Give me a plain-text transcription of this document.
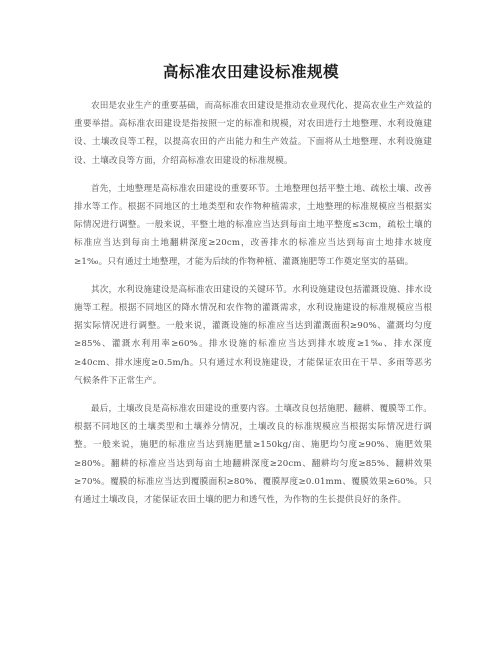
高标准农田建设标准规模

农田是农业生产的重要基础，而高标准农田建设是推动农业现代化、提高农业生产效益的重要举措。高标准农田建设是指按照一定的标准和规模，对农田进行土地整理、水利设施建设、土壤改良等工程，以提高农田的产出能力和生产效益。下面将从土地整理、水利设施建设、土壤改良等方面，介绍高标准农田建设的标准规模。

首先，土地整理是高标准农田建设的重要环节。土地整理包括平整土地、疏松土壤、改善排水等工作。根据不同地区的土地类型和农作物种植需求，土地整理的标准规模应当根据实际情况进行调整。一般来说，平整土地的标准应当达到每亩土地平整度≤3cm，疏松土壤的标准应当达到每亩土地翻耕深度≥20cm，改善排水的标准应当达到每亩土地排水坡度≥1‰。只有通过土地整理，才能为后续的作物种植、灌溉施肥等工作奠定坚实的基础。

其次，水利设施建设是高标准农田建设的关键环节。水利设施建设包括灌溉设施、排水设施等工程。根据不同地区的降水情况和农作物的灌溉需求，水利设施建设的标准规模应当根据实际情况进行调整。一般来说，灌溉设施的标准应当达到灌溉面积≥90%、灌溉均匀度≥85%、灌溉水利用率≥60%。排水设施的标准应当达到排水坡度≥1‰、排水深度≥40cm、排水速度≥0.5m/h。只有通过水利设施建设，才能保证农田在干旱、多雨等恶劣气候条件下正常生产。

最后，土壤改良是高标准农田建设的重要内容。土壤改良包括施肥、翻耕、覆膜等工作。根据不同地区的土壤类型和土壤养分情况，土壤改良的标准规模应当根据实际情况进行调整。一般来说，施肥的标准应当达到施肥量≥150kg/亩、施肥均匀度≥90%、施肥效果≥80%。翻耕的标准应当达到每亩土地翻耕深度≥20cm、翻耕均匀度≥85%、翻耕效果≥70%。覆膜的标准应当达到覆膜面积≥80%、覆膜厚度≥0.01mm、覆膜效果≥60%。只有通过土壤改良，才能保证农田土壤的肥力和透气性，为作物的生长提供良好的条件。
